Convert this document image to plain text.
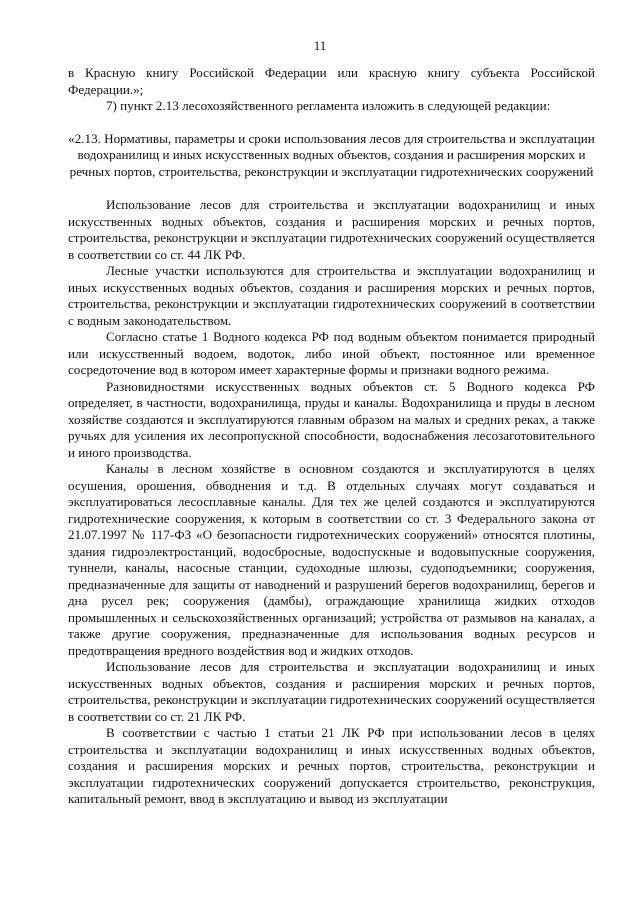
11

в Красную книгу Российской Федерации или красную книгу субъекта Российской Федерации.»;

7) пункт 2.13 лесохозяйственного регламента изложить в следующей редакции:

«2.13. Нормативы, параметры и сроки использования лесов для строительства и эксплуатации водохранилищ и иных искусственных водных объектов, создания и расширения морских и речных портов, строительства, реконструкции и эксплуатации гидротехнических сооружений

Использование лесов для строительства и эксплуатации водохранилищ и иных искусственных водных объектов, создания и расширения морских и речных портов, строительства, реконструкции и эксплуатации гидротехнических сооружений осуществляется в соответствии со ст. 44 ЛК РФ.

Лесные участки используются для строительства и эксплуатации водохранилищ и иных искусственных водных объектов, создания и расширения морских и речных портов, строительства, реконструкции и эксплуатации гидротехнических сооружений в соответствии с водным законодательством.

Согласно статье 1 Водного кодекса РФ под водным объектом понимается природный или искусственный водоем, водоток, либо иной объект, постоянное или временное сосредоточение вод в котором имеет характерные формы и признаки водного режима.

Разновидностями искусственных водных объектов ст. 5 Водного кодекса РФ определяет, в частности, водохранилища, пруды и каналы. Водохранилища и пруды в лесном хозяйстве создаются и эксплуатируются главным образом на малых и средних реках, а также ручьях для усиления их лесопропускной способности, водоснабжения лесозаготовительного и иного производства.

Каналы в лесном хозяйстве в основном создаются и эксплуатируются в целях осушения, орошения, обводнения и т.д. В отдельных случаях могут создаваться и эксплуатироваться лесосплавные каналы. Для тех же целей создаются и эксплуатируются гидротехнические сооружения, к которым в соответствии со ст. 3 Федерального закона от 21.07.1997 № 117-ФЗ «О безопасности гидротехнических сооружений» относятся плотины, здания гидроэлектростанций, водосбросные, водоспускные и водовыпускные сооружения, туннели, каналы, насосные станции, судоходные шлюзы, судоподъемники; сооружения, предназначенные для защиты от наводнений и разрушений берегов водохранилищ, берегов и дна русел рек; сооружения (дамбы), ограждающие хранилища жидких отходов промышленных и сельскохозяйственных организаций; устройства от размывов на каналах, а также другие сооружения, предназначенные для использования водных ресурсов и предотвращения вредного воздействия вод и жидких отходов.

Использование лесов для строительства и эксплуатации водохранилищ и иных искусственных водных объектов, создания и расширения морских и речных портов, строительства, реконструкции и эксплуатации гидротехнических сооружений осуществляется в соответствии со ст. 21 ЛК РФ.

В соответствии с частью 1 статьи 21 ЛК РФ при использовании лесов в целях строительства и эксплуатации водохранилищ и иных искусственных водных объектов, создания и расширения морских и речных портов, строительства, реконструкции и эксплуатации гидротехнических сооружений допускается строительство, реконструкция, капитальный ремонт, ввод в эксплуатацию и вывод из эксплуатации
